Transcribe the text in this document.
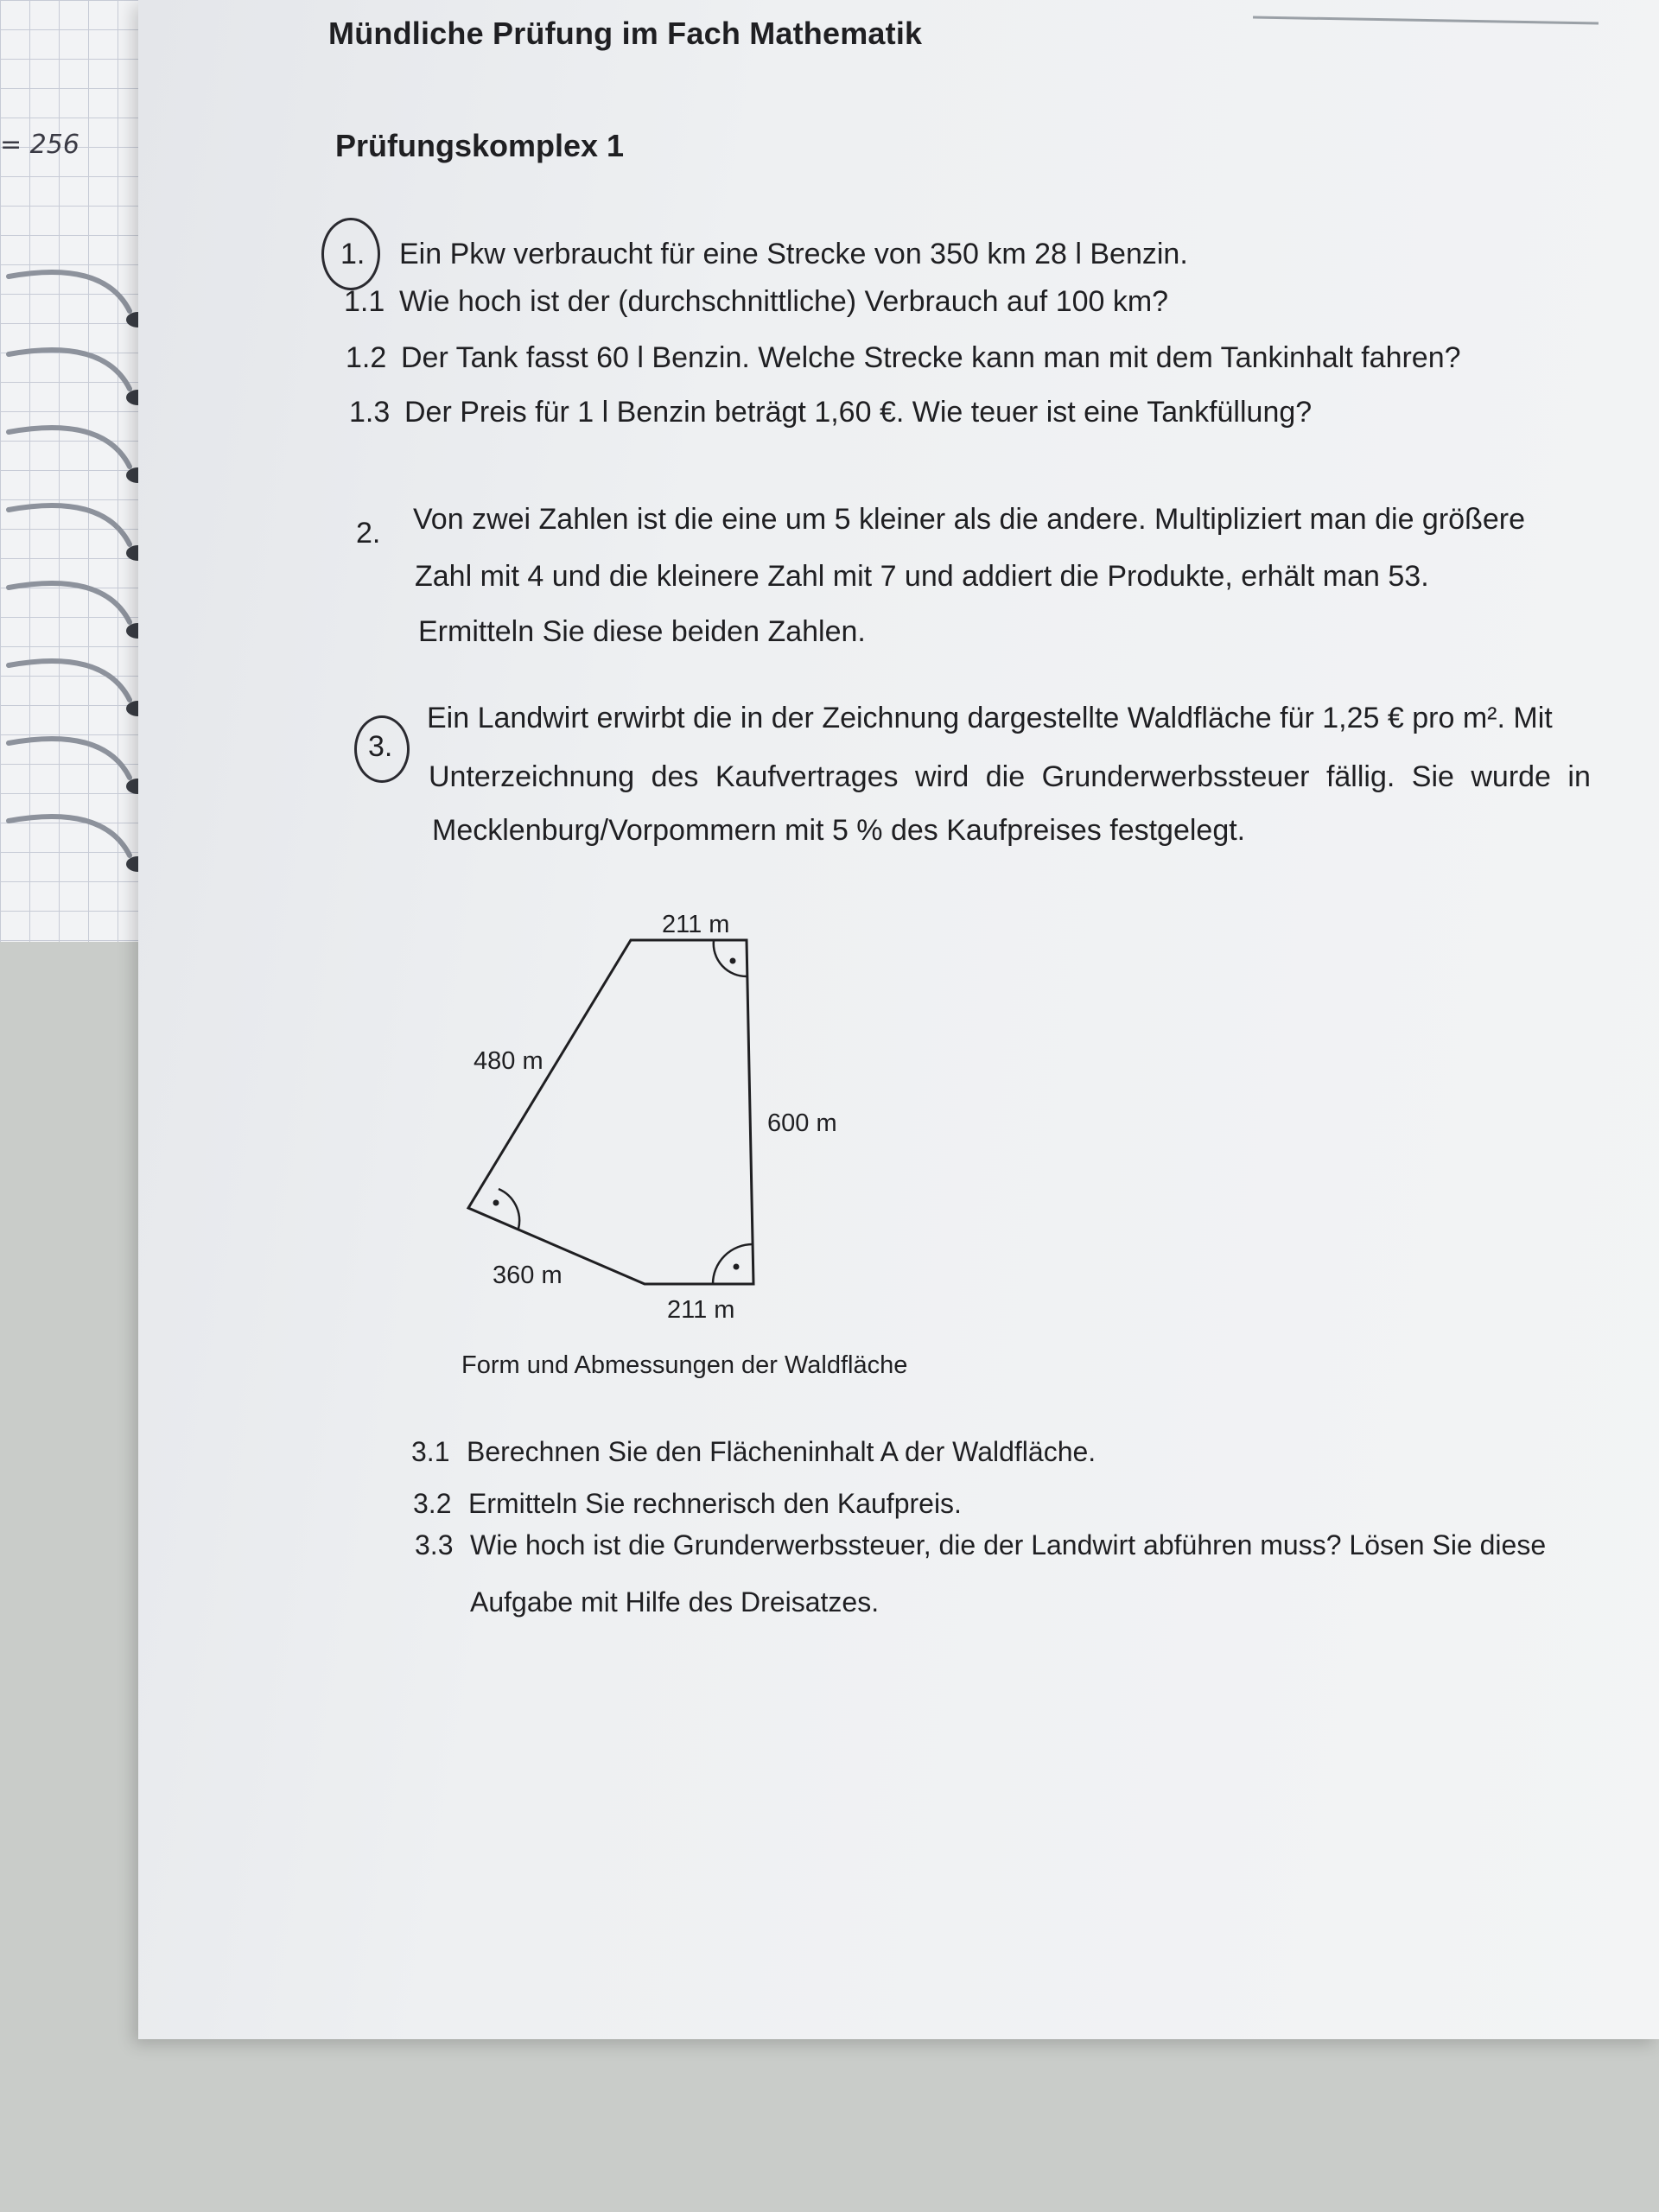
= 256
Mündliche Prüfung im Fach Mathematik
Prüfungskomplex 1
1. Ein Pkw verbraucht für eine Strecke von 350 km 28 l Benzin.
1.1 Wie hoch ist der (durchschnittliche) Verbrauch auf 100 km?
1.2 Der Tank fasst 60 l Benzin. Welche Strecke kann man mit dem Tankinhalt fahren?
1.3 Der Preis für 1 l Benzin beträgt 1,60 €. Wie teuer ist eine Tankfüllung?
2. Von zwei Zahlen ist die eine um 5 kleiner als die andere. Multipliziert man die größere
Zahl mit 4 und die kleinere Zahl mit 7 und addiert die Produkte, erhält man 53.
Ermitteln Sie diese beiden Zahlen.
3.
Ein Landwirt erwirbt die in der Zeichnung dargestellte Waldfläche für 1,25 € pro m². Mit
Unterzeichnung des Kaufvertrages wird die Grunderwerbssteuer fällig. Sie wurde in
Mecklenburg/Vorpommern mit 5 % des Kaufpreises festgelegt.
211 m
480 m
600 m
360 m
211 m
Form und Abmessungen der Waldfläche
3.1 Berechnen Sie den Flächeninhalt A der Waldfläche.
3.2 Ermitteln Sie rechnerisch den Kaufpreis.
3.3 Wie hoch ist die Grunderwerbssteuer, die der Landwirt abführen muss? Lösen Sie diese
Aufgabe mit Hilfe des Dreisatzes.
